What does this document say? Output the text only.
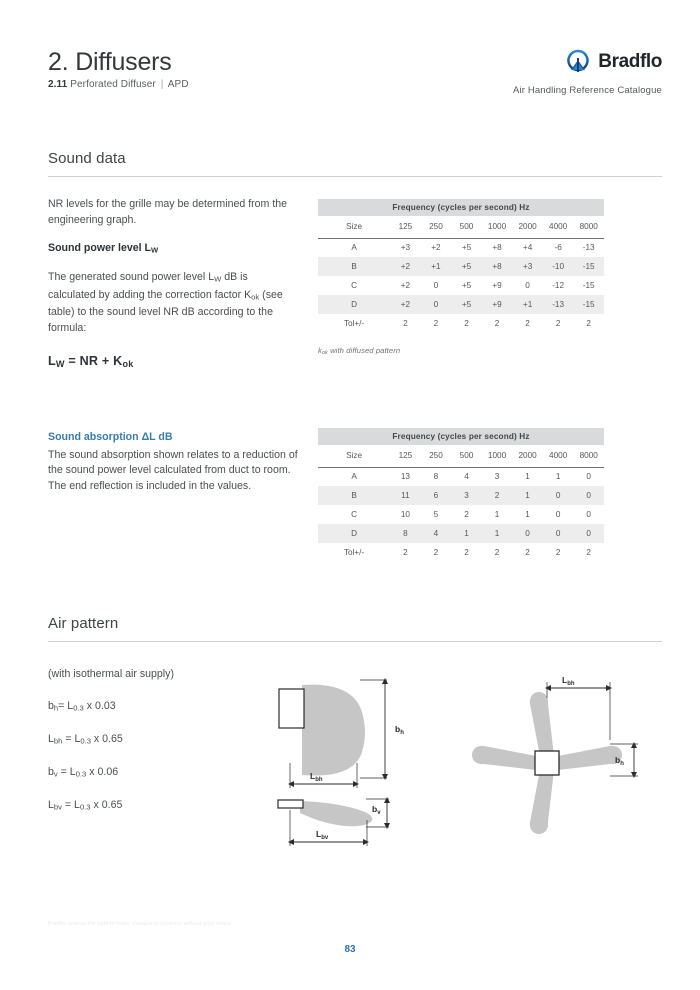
2. Diffusers
2.11 Perforated Diffuser | APD
Bradflo
Air Handling Reference Catalogue
Sound data
NR levels for the grille may be determined from the engineering graph.
Sound power level $L_W$
The generated sound power level $L_W$ dB is calculated by adding the correction factor $K_{ok}$ (see table) to the sound level NR dB according to the formula:
$L_W$ = NR + $K_{ok}$
Sound absorption ΔL dB
The sound absorption shown relates to a reduction of the sound power level calculated from duct to room. The end reflection is included in the values.
Frequency (cycles per second) Hz							
Size	125	250	500	1000	2000	4000	8000
A	+3	+2	+5	+8	+4	-6	-13
B	+2	+1	+5	+8	+3	-10	-15
C	+2	0	+5	+9	0	-12	-15
D	+2	0	+5	+9	+1	-13	-15
Tol+/-	2	2	2	2	2	2	2
$k_{ok}$ with diffused pattern
Frequency (cycles per second) Hz							
Size	125	250	500	1000	2000	4000	8000
A	13	8	4	3	1	1	0
B	11	6	3	2	1	0	0
C	10	5	2	1	1	0	0
D	8	4	1	1	0	0	0
Tol+/-	2	2	2	2	2	2	2
Air pattern
(with isothermal air supply)
$b_h= L_{0.3}$ x 0.03
$L_{bh} = L_{0.3}$ x 0.65
$b_v = L_{0.3}$ x 0.06
$L_{bv} = L_{0.3}$ x 0.65
$b_h$
$L_{bh}$
$b_v$
$L_{bv}$
$L_{bh}$
$b_h$
Bradflo reserve the right to make changes to products without prior notice
83
